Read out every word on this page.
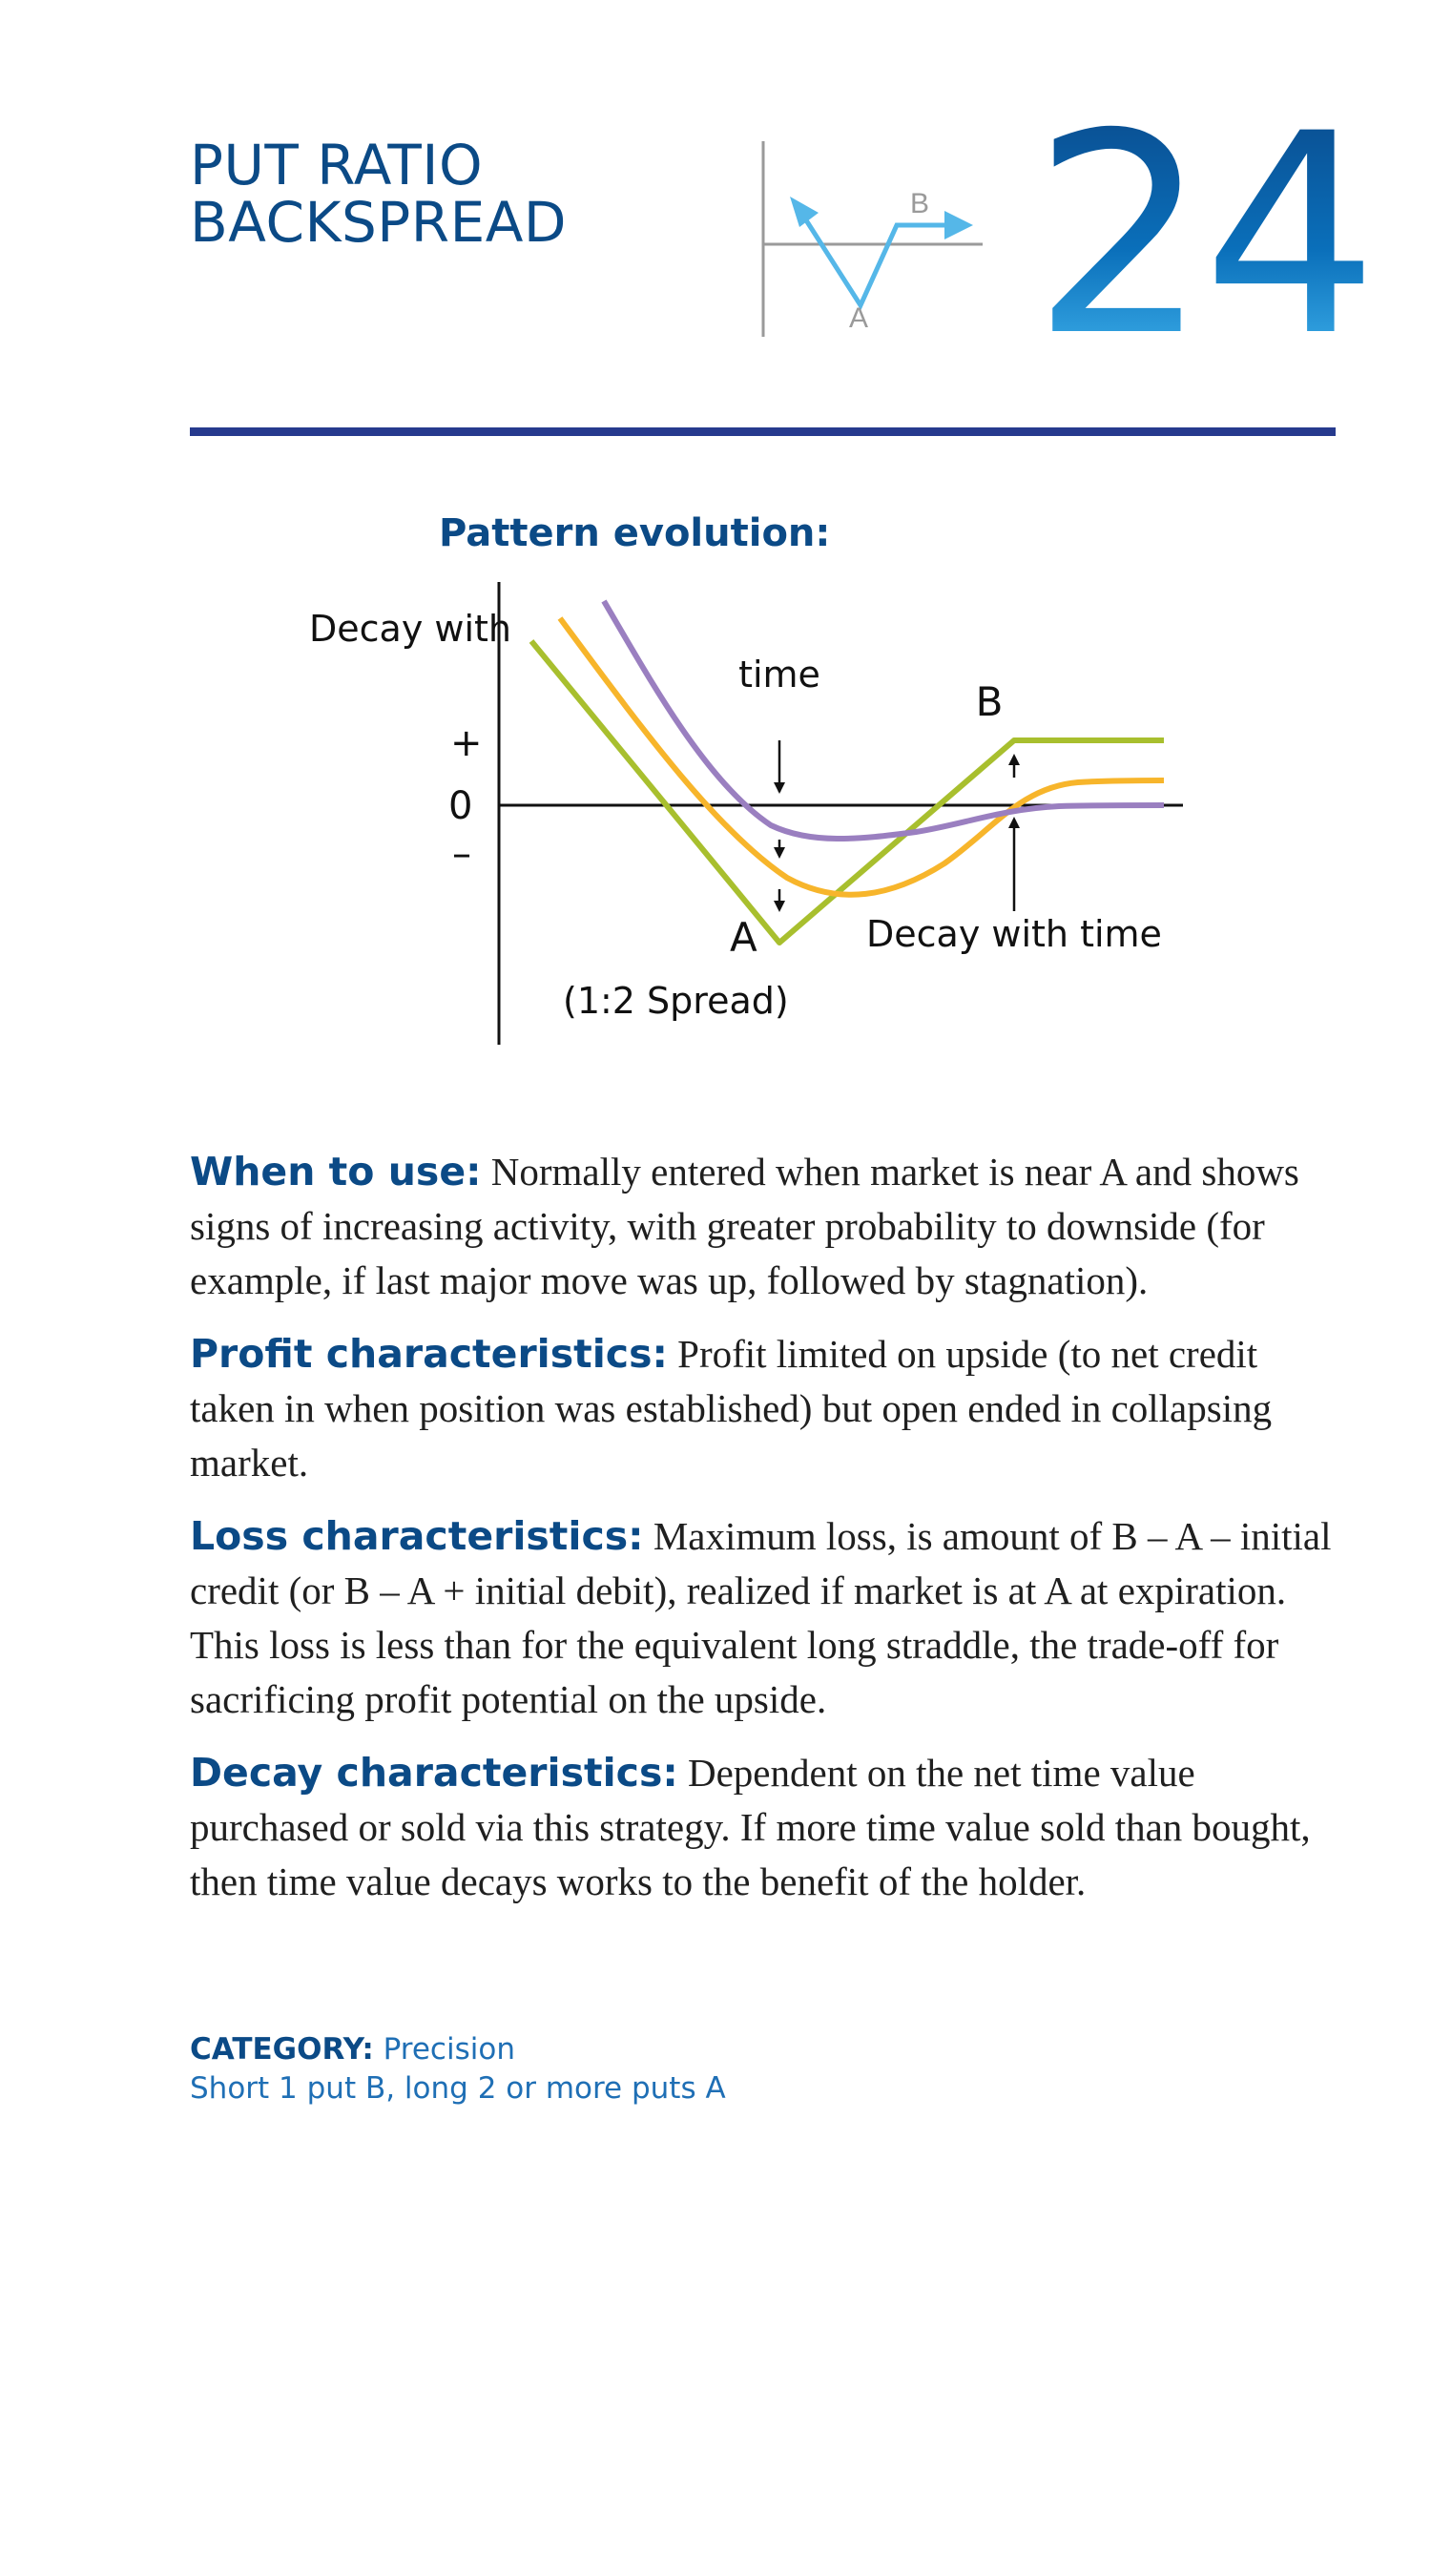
PUT RATIO
BACKSPREAD
A
B 24
Pattern evolution:
+
0
–
Decay with
time
B
A	Decay with time
(1:2 Spread)

When to use: Normally entered when market is near A and shows signs of increasing activity, with greater probability to downside (for example, if last major move was up, followed by stagnation).

Profit characteristics: Profit limited on upside (to net credit taken in when position was established) but open ended in collapsing market.

Loss characteristics: Maximum loss, is amount of B – A – initial credit (or B – A + initial debit), realized if market is at A at expiration. This loss is less than for the equivalent long straddle, the trade-off for sacrificing profit potential on the upside.

Decay characteristics: Dependent on the net time value purchased or sold via this strategy. If more time value sold than bought, then time value decays works to the benefit of the holder.

CATEGORY: Precision
Short 1 put B, long 2 or more puts A
